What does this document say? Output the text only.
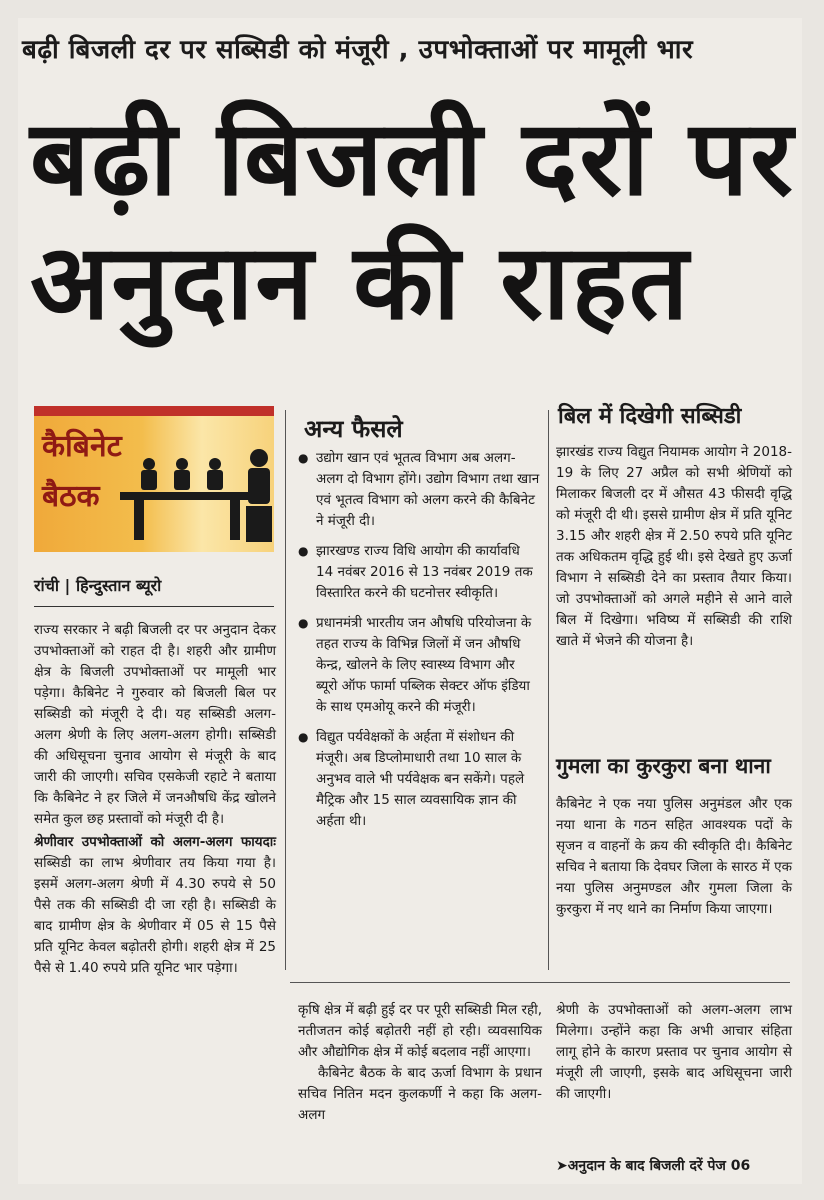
बढ़ी बिजली दर पर सब्सिडी को मंजूरी , उपभोक्ताओं पर मामूली भार
बढ़ी बिजली दरों पर
अनुदान की राहत
कैबिनेट
बैठक
रांची | हिन्दुस्तान ब्यूरो

राज्य सरकार ने बढ़ी बिजली दर पर अनुदान देकर उपभोक्ताओं को राहत दी है। शहरी और ग्रामीण क्षेत्र के बिजली उपभोक्ताओं पर मामूली भार पड़ेगा। कैबिनेट ने गुरुवार को बिजली बिल पर सब्सिडी को मंजूरी दे दी। यह सब्सिडी अलग-अलग श्रेणी के लिए अलग-अलग होगी। सब्सिडी की अधिसूचना चुनाव आयोग से मंजूरी के बाद जारी की जाएगी। सचिव एसकेजी रहाटे ने बताया कि कैबिनेट ने हर जिले में जनऔषधि केंद्र खोलने समेत कुल छह प्रस्तावों को मंजूरी दी है।

श्रेणीवार उपभोक्ताओं को अलग-अलग फायदाः सब्सिडी का लाभ श्रेणीवार तय किया गया है। इसमें अलग-अलग श्रेणी में 4.30 रुपये से 50 पैसे तक की सब्सिडी दी जा रही है। सब्सिडी के बाद ग्रामीण क्षेत्र के श्रेणीवार में 05 से 15 पैसे प्रति यूनिट केवल बढ़ोतरी होगी। शहरी क्षेत्र में 25 पैसे से 1.40 रुपये प्रति यूनिट भार पड़ेगा।

अन्य फैसले
● उद्योग खान एवं भूतत्व विभाग अब अलग-अलग दो विभाग होंगे। उद्योग विभाग तथा खान एवं भूतत्व विभाग को अलग करने की कैबिनेट ने मंजूरी दी।
● झारखण्ड राज्य विधि आयोग की कार्यावधि 14 नवंबर 2016 से 13 नवंबर 2019 तक विस्तारित करने की घटनोत्तर स्वीकृति।
● प्रधानमंत्री भारतीय जन औषधि परियोजना के तहत राज्य के विभिन्न जिलों में जन औषधि केन्द्र, खोलने के लिए स्वास्थ्य विभाग और ब्यूरो ऑफ फार्मा पब्लिक सेक्टर ऑफ इंडिया के साथ एमओयू करने की मंजूरी।
● विद्युत पर्यवेक्षकों के अर्हता में संशोधन की मंजूरी। अब डिप्लोमाधारी तथा 10 साल के अनुभव वाले भी पर्यवेक्षक बन सकेंगे। पहले मैट्रिक और 15 साल व्यवसायिक ज्ञान की अर्हता थी।
बिल में दिखेगी सब्सिडी
झारखंड राज्य विद्युत नियामक आयोग ने 2018-19 के लिए 27 अप्रैल को सभी श्रेणियों को मिलाकर बिजली दर में औसत 43 फीसदी वृद्धि को मंजूरी दी थी। इससे ग्रामीण क्षेत्र में प्रति यूनिट 3.15 और शहरी क्षेत्र में 2.50 रुपये प्रति यूनिट तक अधिकतम वृद्धि हुई थी। इसे देखते हुए ऊर्जा विभाग ने सब्सिडी देने का प्रस्ताव तैयार किया। जो उपभोक्ताओं को अगले महीने से आने वाले बिल में दिखेगा। भविष्य में सब्सिडी की राशि खाते में भेजने की योजना है।
गुमला का कुरकुरा बना थाना
कैबिनेट ने एक नया पुलिस अनुमंडल और एक नया थाना के गठन सहित आवश्यक पदों के सृजन व वाहनों के क्रय की स्वीकृति दी। कैबिनेट सचिव ने बताया कि देवघर जिला के सारठ में एक नया पुलिस अनुमण्डल और गुमला जिला के कुरकुरा में नए थाने का निर्माण किया जाएगा।

कृषि क्षेत्र में बढ़ी हुई दर पर पूरी सब्सिडी मिल रही, नतीजतन कोई बढ़ोतरी नहीं हो रही। व्यवसायिक और औद्योगिक क्षेत्र में कोई बदलाव नहीं आएगा।

कैबिनेट बैठक के बाद ऊर्जा विभाग के प्रधान सचिव नितिन मदन कुलकर्णी ने कहा कि अलग-अलग

श्रेणी के उपभोक्ताओं को अलग-अलग लाभ मिलेगा। उन्होंने कहा कि अभी आचार संहिता लागू होने के कारण प्रस्ताव पर चुनाव आयोग से मंजूरी ली जाएगी, इसके बाद अधिसूचना जारी की जाएगी।

➤अनुदान के बाद बिजली दरें पेज 06
